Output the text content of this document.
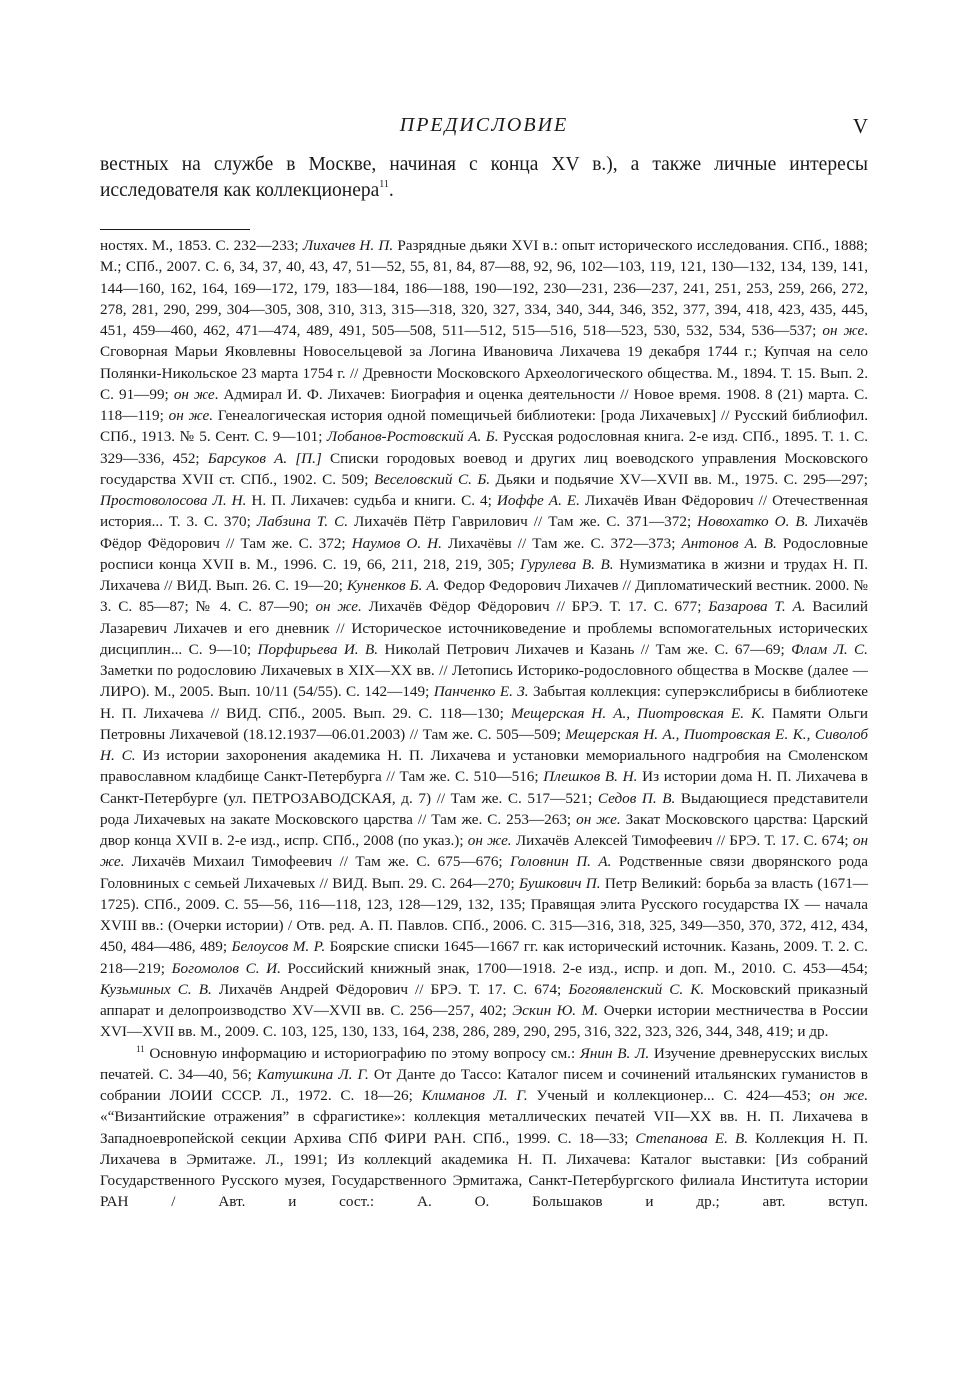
ПРЕДИСЛОВИЕ	V
вестных на службе в Москве, начиная с конца XV в.), а также личные интересы исследователя как коллекционера$^{11}$.

ностях. М., 1853. С. 232—233; Лихачев Н. П. Разрядные дьяки XVI в.: опыт исторического исследования. СПб., 1888; М.; СПб., 2007. С. 6, 34, 37, 40, 43, 47, 51—52, 55, 81, 84, 87—88, 92, 96, 102—103, 119, 121, 130—132, 134, 139, 141, 144—160, 162, 164, 169—172, 179, 183—184, 186—188, 190—192, 230—231, 236—237, 241, 251, 253, 259, 266, 272, 278, 281, 290, 299, 304—305, 308, 310, 313, 315—318, 320, 327, 334, 340, 344, 346, 352, 377, 394, 418, 423, 435, 445, 451, 459—460, 462, 471—474, 489, 491, 505—508, 511—512, 515—516, 518—523, 530, 532, 534, 536—537; он же. Сговорная Марьи Яковлевны Новосельцевой за Логина Ивановича Лихачева 19 декабря 1744 г.; Купчая на село Полянки-Никольское 23 марта 1754 г. // Древности Московского Археологического общества. М., 1894. Т. 15. Вып. 2. С. 91—99; он же. Адмирал И. Ф. Лихачев: Биография и оценка деятельности // Новое время. 1908. 8 (21) марта. С. 118—119; он же. Генеалогическая история одной помещичьей библиотеки: [рода Лихачевых] // Русский библиофил. СПб., 1913. № 5. Сент. С. 9—101; Лобанов-Ростовский А. Б. Русская родословная книга. 2-е изд. СПб., 1895. Т. 1. С. 329—336, 452; Барсуков А. [П.] Списки городовых воевод и других лиц воеводского управления Московского государства XVII ст. СПб., 1902. С. 509; Веселовский С. Б. Дьяки и подьячие XV—XVII вв. М., 1975. С. 295—297; Простоволосова Л. Н. Н. П. Лихачев: судьба и книги. С. 4; Иоффе А. Е. Лихачёв Иван Фёдорович // Отечественная история... Т. 3. С. 370; Лабзина Т. С. Лихачёв Пётр Гаврилович // Там же. С. 371—372; Новохатко О. В. Лихачёв Фёдор Фёдорович // Там же. С. 372; Наумов О. Н. Лихачёвы // Там же. С. 372—373; Антонов А. В. Родословные росписи конца XVII в. М., 1996. С. 19, 66, 211, 218, 219, 305; Гурулева В. В. Нумизматика в жизни и трудах Н. П. Лихачева // ВИД. Вып. 26. С. 19—20; Куненков Б. А. Федор Федорович Лихачев // Дипломатический вестник. 2000. № 3. С. 85—87; № 4. С. 87—90; он же. Лихачёв Фёдор Фёдорович // БРЭ. Т. 17. С. 677; Базарова Т. А. Василий Лазаревич Лихачев и его дневник // Историческое источниковедение и проблемы вспомогательных исторических дисциплин... С. 9—10; Порфирьева И. В. Николай Петрович Лихачев и Казань // Там же. С. 67—69; Флам Л. С. Заметки по родословию Лихачевых в XIX—XX вв. // Летопись Историко-родословного общества в Москве (далее — ЛИРО). М., 2005. Вып. 10/11 (54/55). С. 142—149; Панченко Е. З. Забытая коллекция: суперэкслибрисы в библиотеке Н. П. Лихачева // ВИД. СПб., 2005. Вып. 29. С. 118—130; Мещерская Н. А., Пиотровская Е. К. Памяти Ольги Петровны Лихачевой (18.12.1937—06.01.2003) // Там же. С. 505—509; Мещерская Н. А., Пиотровская Е. К., Сиволоб Н. С. Из истории захоронения академика Н. П. Лихачева и установки мемориального надгробия на Смоленском православном кладбище Санкт-Петербурга // Там же. С. 510—516; Плешков В. Н. Из истории дома Н. П. Лихачева в Санкт-Петербурге (ул. ПЕТРОЗАВОДСКАЯ, д. 7) // Там же. С. 517—521; Седов П. В. Выдающиеся представители рода Лихачевых на закате Московского царства // Там же. С. 253—263; он же. Закат Московского царства: Царский двор конца XVII в. 2-е изд., испр. СПб., 2008 (по указ.); он же. Лихачёв Алексей Тимофеевич // БРЭ. Т. 17. С. 674; он же. Лихачёв Михаил Тимофеевич // Там же. С. 675—676; Головнин П. А. Родственные связи дворянского рода Головниных с семьей Лихачевых // ВИД. Вып. 29. С. 264—270; Бушкович П. Петр Великий: борьба за власть (1671—1725). СПб., 2009. С. 55—56, 116—118, 123, 128—129, 132, 135; Правящая элита Русского государства IX — начала XVIII вв.: (Очерки истории) / Отв. ред. А. П. Павлов. СПб., 2006. С. 315—316, 318, 325, 349—350, 370, 372, 412, 434, 450, 484—486, 489; Белоусов М. Р. Боярские списки 1645—1667 гг. как исторический источник. Казань, 2009. Т. 2. С. 218—219; Богомолов С. И. Российский книжный знак, 1700—1918. 2-е изд., испр. и доп. М., 2010. С. 453—454; Кузьминых С. В. Лихачёв Андрей Фёдорович // БРЭ. Т. 17. С. 674; Богоявленский С. К. Московский приказный аппарат и делопроизводство XV—XVII вв. С. 256—257, 402; Эскин Ю. М. Очерки истории местничества в России XVI—XVII вв. М., 2009. С. 103, 125, 130, 133, 164, 238, 286, 289, 290, 295, 316, 322, 323, 326, 344, 348, 419; и др.

$^{11}$ Основную информацию и историографию по этому вопросу см.: Янин В. Л. Изучение древнерусских вислых печатей. С. 34—40, 56; Катушкина Л. Г. От Данте до Тассо: Каталог писем и сочинений итальянских гуманистов в собрании ЛОИИ СССР. Л., 1972. С. 18—26; Климанов Л. Г. Ученый и коллекционер... С. 424—453; он же. «“Византийские отражения” в сфрагистике»: коллекция металлических печатей VII—XX вв. Н. П. Лихачева в Западноевропейской секции Архива СПб ФИРИ РАН. СПб., 1999. С. 18—33; Степанова Е. В. Коллекция Н. П. Лихачева в Эрмитаже. Л., 1991; Из коллекций академика Н. П. Лихачева: Каталог выставки: [Из собраний Государственного Русского музея, Государственного Эрмитажа, Санкт-Петербургского филиала Института истории РАН / Авт. и сост.: А. О. Большаков и др.; авт. вступ.
